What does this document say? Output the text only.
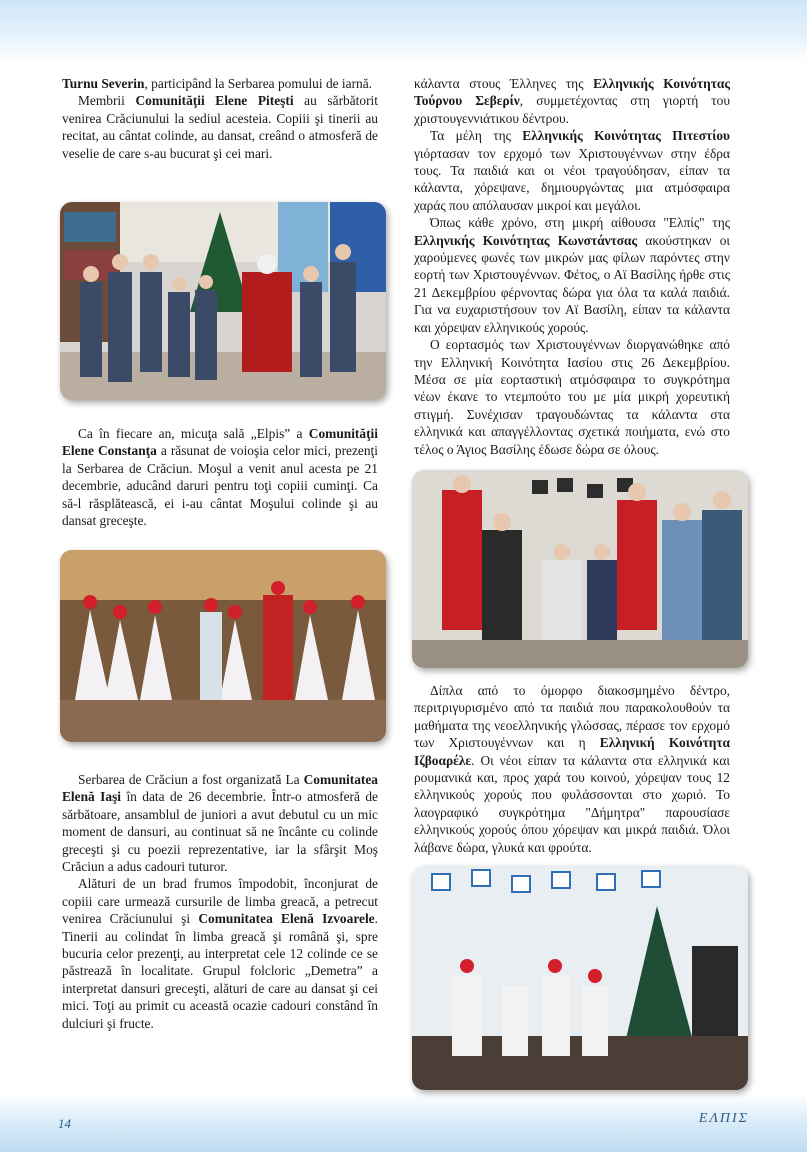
Turnu Severin, participând la Serbarea pomului de iarnă.

Membrii Comunităţii Elene Piteşti au sărbătorit venirea Crăciunului la sediul acesteia. Copiii şi tinerii au recitat, au cântat colinde, au dansat, creând o atmosferă de veselie de care s-au bucurat şi cei mari.

Ca în fiecare an, micuţa sală „Elpis” a Comunităţii Elene Constanţa a răsunat de voioşia celor mici, prezenţi la Serbarea de Crăciun. Moşul a venit anul acesta pe 21 decembrie, aducând daruri pentru toţi copiii cuminţi. Ca să-l răsplătească, ei i-au cântat Moşului colinde şi au dansat greceşte.

Serbarea de Crăciun a fost organizată La Comunitatea Elenă Iaşi în data de 26 decembrie. Într-o atmosferă de sărbătoare, ansamblul de juniori a avut debutul cu un mic moment de dansuri, au continuat să ne încânte cu colinde greceşti şi cu poezii reprezentative, iar la sfârşit Moş Crăciun a adus cadouri tuturor.

Alături de un brad frumos împodobit, înconjurat de copiii care urmează cursurile de limba greacă, a petrecut venirea Crăciunului şi Comunitatea Elenă Izvoarele. Tinerii au colindat în limba greacă şi română şi, spre bucuria celor prezenţi, au interpretat cele 12 colinde ce se păstrează în localitate. Grupul folcloric „Demetra” a interpretat dansuri greceşti, alături de care au dansat şi cei mici. Toţi au primit cu această ocazie cadouri constând în dulciuri şi fructe.

κάλαντα στους Έλληνες της Ελληνικής Κοινότητας Τούρνου Σεβερίν, συμμετέχοντας στη γιορτή του χριστουγεννιάτικου δέντρου.

Τα μέλη της Ελληνικής Κοινότητας Πιτεστίου γιόρτασαν τον ερχομό των Χριστουγέννων στην έδρα τους. Τα παιδιά και οι νέοι τραγούδησαν, είπαν τα κάλαντα, χόρεψανε, δημιουργώντας μια ατμόσφαιρα χαράς που απόλαυσαν μικροί και μεγάλοι.

Όπως κάθε χρόνο, στη μικρή αίθουσα "Ελπίς" της Ελληνικής Κοινότητας Κωνστάντσας ακούστηκαν οι χαρούμενες φωνές των μικρών μας φίλων παρόντες στην εορτή των Χριστουγέννων. Φέτος, ο Αϊ Βασίλης ήρθε στις 21 Δεκεμβρίου φέρνοντας δώρα για όλα τα καλά παιδιά. Για να ευχαριστήσουν τον Αϊ Βασίλη, είπαν τα κάλαντα και χόρεψαν ελληνικούς χορούς.

Ο εορτασμός των Χριστουγέννων διοργανώθηκε από την Ελληνική Κοινότητα Ιασίου στις 26 Δεκεμβρίου. Μέσα σε μία εορταστική ατμόσφαιρα το συγκρότημα νέων έκανε το ντεμπούτο του με μία μικρή χορευτική στιγμή. Συνέχισαν τραγουδώντας τα κάλαντα στα ελληνικά και απαγγέλλοντας σχετικά ποιήματα, ενώ στο τέλος ο Άγιος Βασίλης έδωσε δώρα σε όλους.

Δίπλα από το όμορφο διακοσμημένο δέντρο, περιτριγυρισμένο από τα παιδιά που παρακολουθούν τα μαθήματα της νεοελληνικής γλώσσας, πέρασε τον ερχομό των Χριστουγέννων και η Ελληνική Κοινότητα Ιζβοαρέλε. Οι νέοι είπαν τα κάλαντα στα ελληνικά και ρουμανικά και, προς χαρά του κοινού, χόρεψαν τους 12 ελληνικούς χορούς που φυλάσσονται στο χωριό. Το λαογραφικό συγκρότημα "Δήμητρα" παρουσίασε ελληνικούς χορούς όπου χόρεψαν και μικρά παιδιά. Όλοι λάβανε δώρα, γλυκά και φρούτα.

14	ΕΛΠΙΣ
